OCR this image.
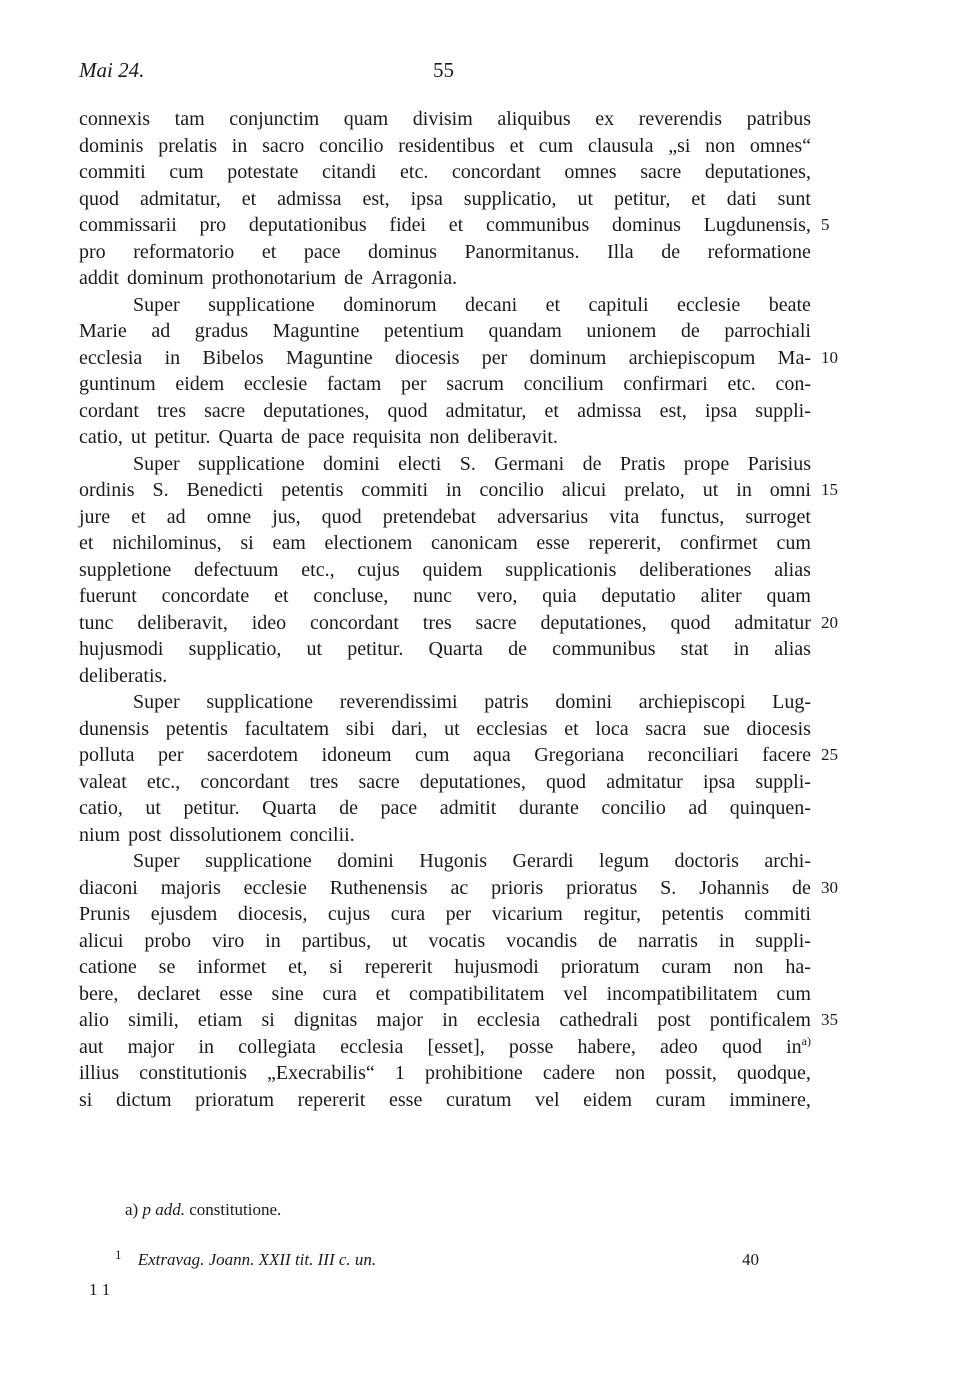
Mai 24.	55
connexis tam conjunctim quam divisim aliquibus ex reverendis patribus
dominis prelatis in sacro concilio residentibus et cum clausula „si non omnes“
commiti cum potestate citandi etc. concordant omnes sacre deputationes,
quod admitatur, et admissa est, ipsa supplicatio, ut petitur, et dati sunt
commissarii pro deputationibus fidei et communibus dominus Lugdunensis, 5
pro reformatorio et pace dominus Panormitanus. Illa de reformatione
addit dominum prothonotarium de Arragonia.
Super supplicatione dominorum decani et capituli ecclesie beate
Marie ad gradus Maguntine petentium quandam unionem de parrochiali
ecclesia in Bibelos Maguntine diocesis per dominum archiepiscopum Ma- 10
guntinum eidem ecclesie factam per sacrum concilium confirmari etc. con-
cordant tres sacre deputationes, quod admitatur, et admissa est, ipsa suppli-
catio, ut petitur. Quarta de pace requisita non deliberavit.
Super supplicatione domini electi S. Germani de Pratis prope Parisius
ordinis S. Benedicti petentis commiti in concilio alicui prelato, ut in omni 15
jure et ad omne jus, quod pretendebat adversarius vita functus, surroget
et nichilominus, si eam electionem canonicam esse repererit, confirmet cum
suppletione defectuum etc., cujus quidem supplicationis deliberationes alias
fuerunt concordate et concluse, nunc vero, quia deputatio aliter quam
tunc deliberavit, ideo concordant tres sacre deputationes, quod admitatur 20
hujusmodi supplicatio, ut petitur. Quarta de communibus stat in alias
deliberatis.
Super supplicatione reverendissimi patris domini archiepiscopi Lug-
dunensis petentis facultatem sibi dari, ut ecclesias et loca sacra sue diocesis
polluta per sacerdotem idoneum cum aqua Gregoriana reconciliari facere 25
valeat etc., concordant tres sacre deputationes, quod admitatur ipsa suppli-
catio, ut petitur. Quarta de pace admitit durante concilio ad quinquen-
nium post dissolutionem concilii.
Super supplicatione domini Hugonis Gerardi legum doctoris archi-
diaconi majoris ecclesie Ruthenensis ac prioris prioratus S. Johannis de 30
Prunis ejusdem diocesis, cujus cura per vicarium regitur, petentis commiti
alicui probo viro in partibus, ut vocatis vocandis de narratis in suppli-
catione se informet et, si repererit hujusmodi prioratum curam non ha-
bere, declaret esse sine cura et compatibilitatem vel incompatibilitatem cum
alio simili, etiam si dignitas major in ecclesia cathedrali post pontificalem 35
aut major in collegiata ecclesia [esset], posse habere, adeo quod $in^{a)}$
illius constitutionis „Execrabilis“ 1 prohibitione cadere non possit, quodque,
si dictum prioratum repererit esse curatum vel eidem curam imminere,
a) p add. constitutione.
$^1$ Extravag. Joann. XXII tit. III c. un.	40
1 1
